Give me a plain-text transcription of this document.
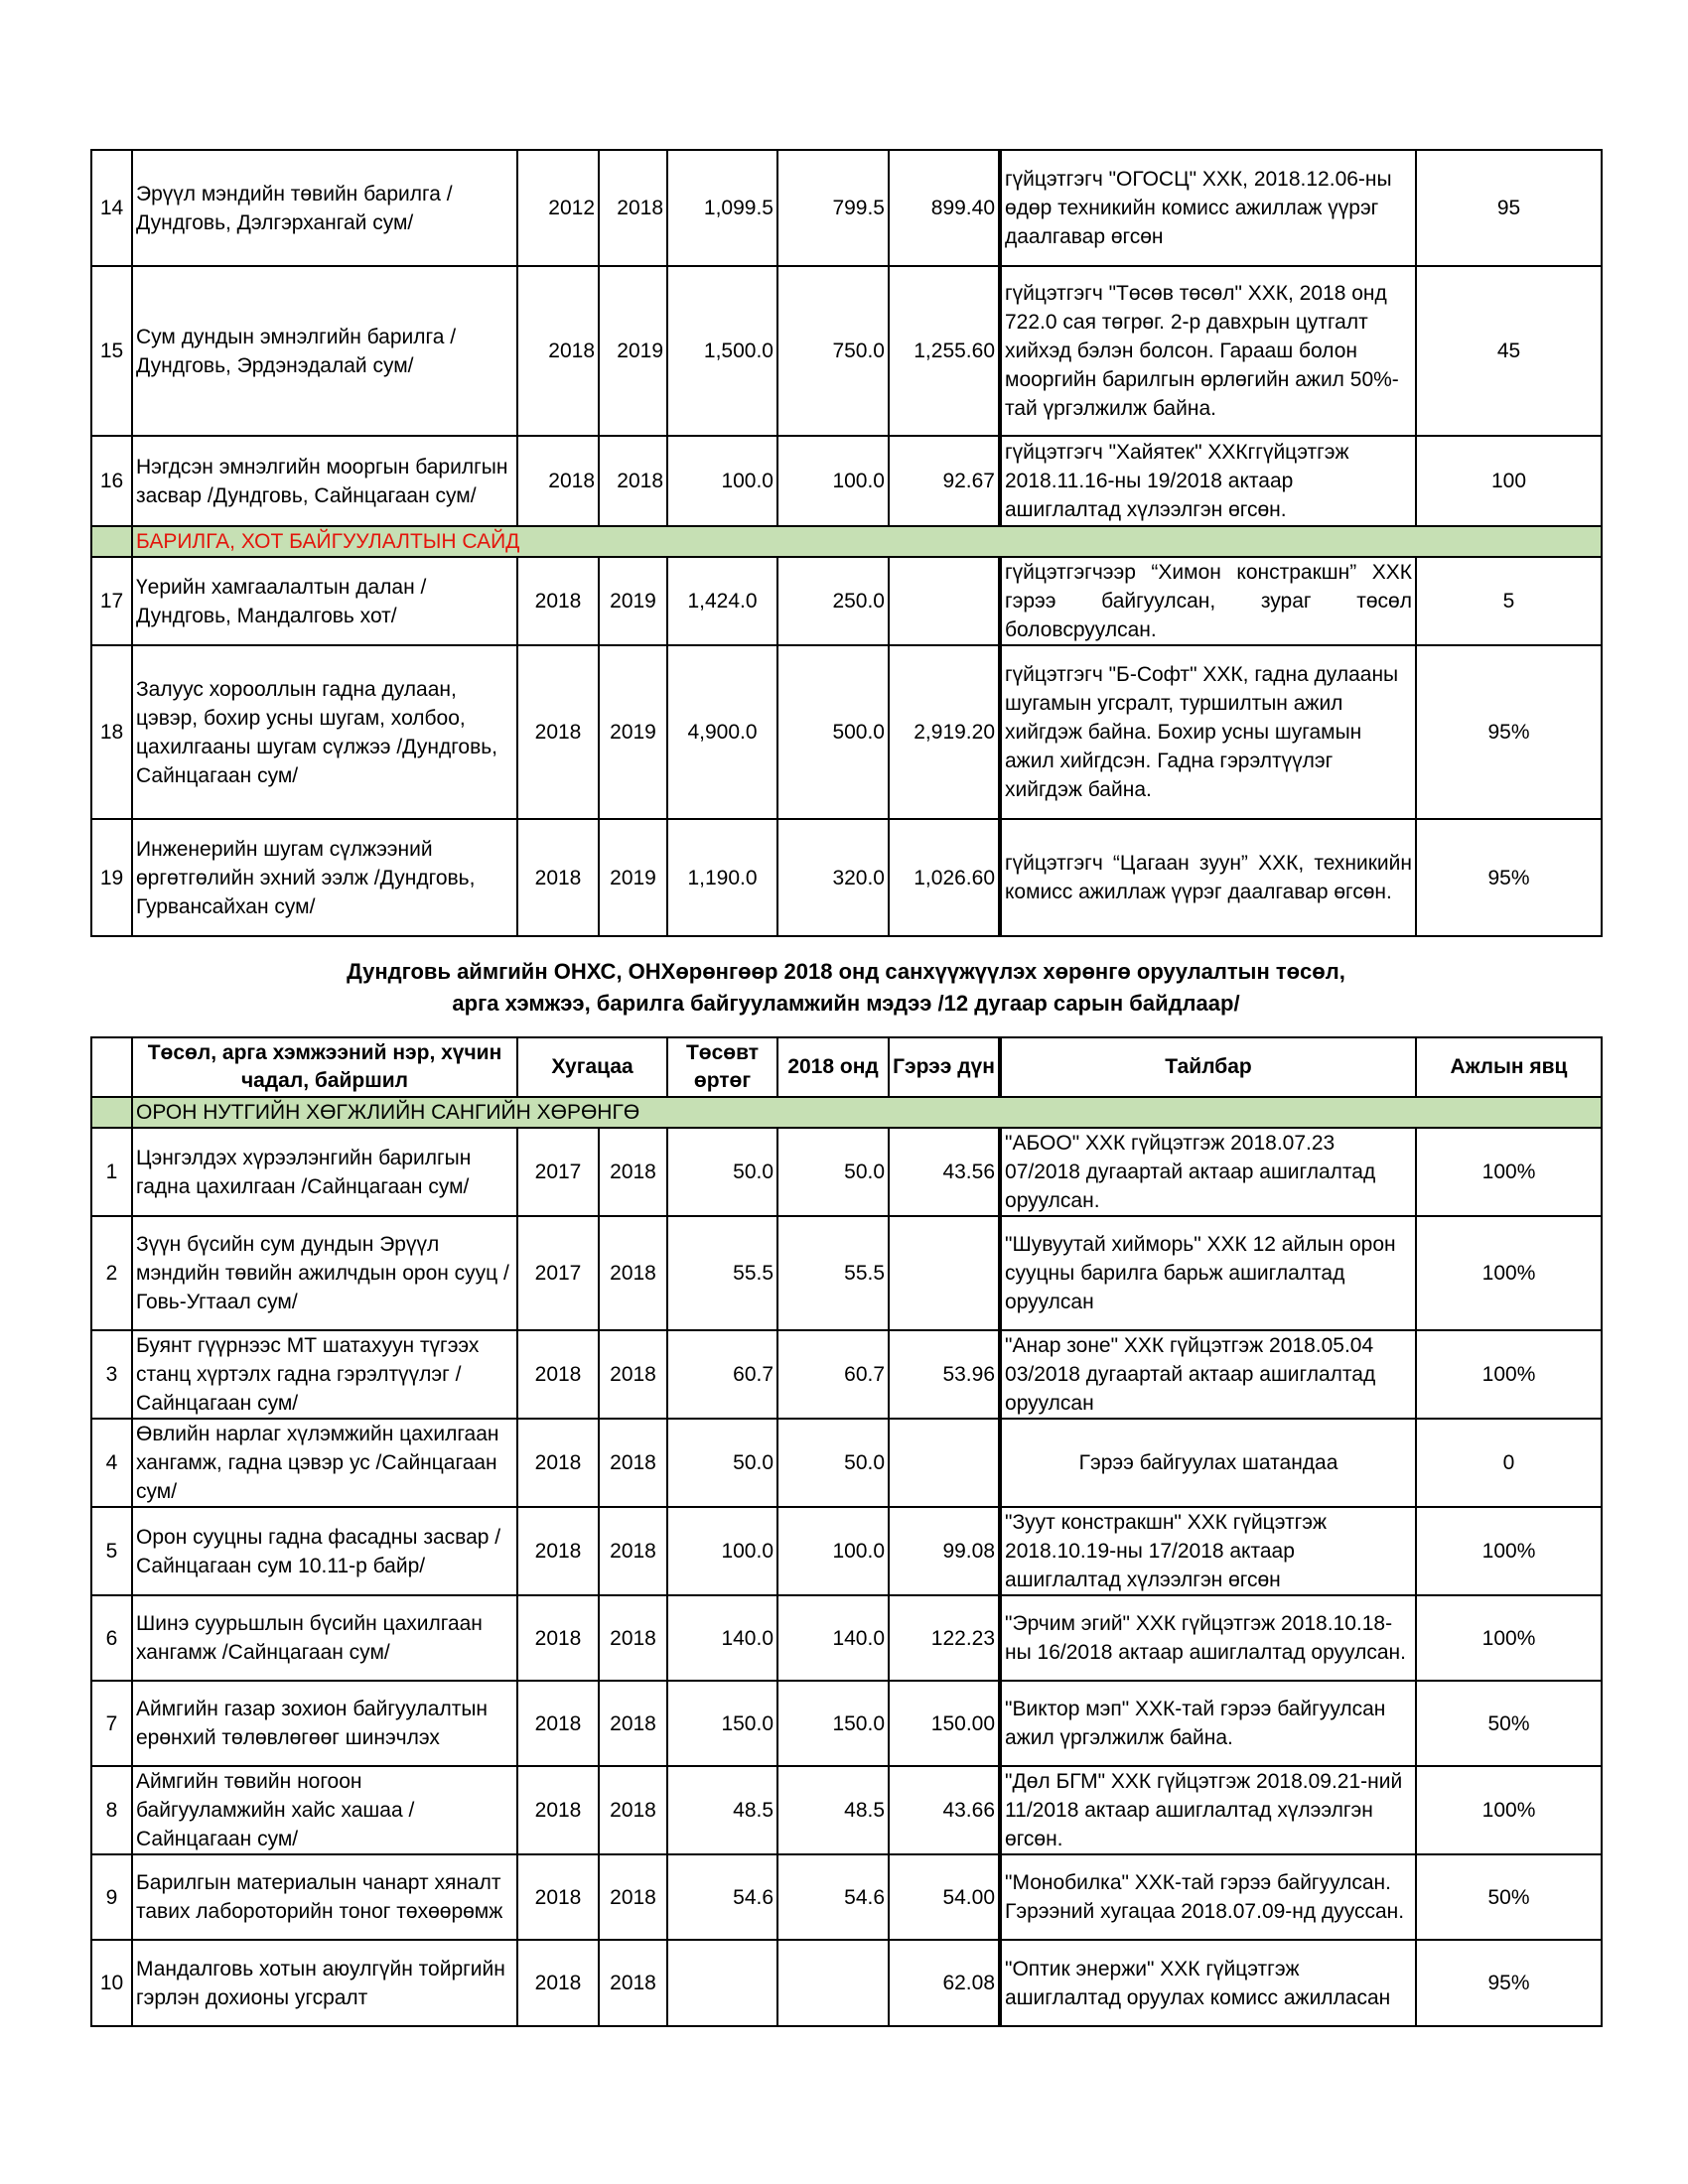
14	Эрүүл мэндийн төвийн барилга /Дундговь, Дэлгэрхангай сум/	2012	2018	1,099.5	799.5	899.40		гүйцэтгэгч "ОГОСЦ" ХХК, 2018.12.06-ны өдөр техникийн комисс ажиллаж үүрэг даалгавар өгсөн	95
15	Сум дундын эмнэлгийн барилга /Дундговь, Эрдэнэдалай сум/	2018	2019	1,500.0	750.0	1,255.60		гүйцэтгэгч "Төсөв төсөл" ХХК, 2018 онд 722.0 сая төгрөг. 2-р давхрын цутгалт хийхэд бэлэн болсон. Гарааш болон мооргийн барилгын өрлөгийн ажил 50%-тай үргэлжилж байна.	45
16	Нэгдсэн эмнэлгийн мооргын барилгын засвар /Дундговь, Сайнцагаан сум/	2018	2018	100.0	100.0	92.67		гүйцэтгэгч "Хайятек" ХХКггүйцэтгэж 2018.11.16-ны 19/2018 актаар ашиглалтад хүлээлгэн өгсөн.	100
	БАРИЛГА, ХОТ БАЙГУУЛАЛТЫН САЙД								
17	Үерийн хамгаалалтын далан /Дундговь, Мандалговь хот/	2018	2019	1,424.0	250.0			гүйцэтгэгчээр “Химон констракшн” ХХК гэрээ байгуулсан, зураг төсөл боловсруулсан.	5
18	Залуус хорооллын гадна дулаан, цэвэр, бохир усны шугам, холбоо, цахилгааны шугам сүлжээ /Дундговь, Сайнцагаан сум/	2018	2019	4,900.0	500.0	2,919.20		гүйцэтгэгч "Б-Софт" ХХК, гадна дулааны шугамын угсралт, туршилтын ажил хийгдэж байна. Бохир усны шугамын ажил хийгдсэн. Гадна гэрэлтүүлэг хийгдэж байна.	95%
19	Инженерийн шугам сүлжээний өргөтгөлийн эхний ээлж /Дундговь, Гурвансайхан сум/	2018	2019	1,190.0	320.0	1,026.60		гүйцэтгэгч “Цагаан зуун” ХХК, техникийн комисс ажиллаж үүрэг даалгавар өгсөн.	95%
Дундговь аймгийн ОНХС, ОНХөрөнгөөр 2018 онд санхүүжүүлэх хөрөнгө оруулалтын төсөл,
арга хэмжээ, барилга байгууламжийн мэдээ /12 дугаар сарын байдлаар/
	Төсөл, арга хэмжээний нэр, хүчин чадал, байршил	Хугацаа		Төсөвт өртөг	2018 онд	Гэрээ дүн		Тайлбар	Ажлын явц
	ОРОН НУТГИЙН ХӨГЖЛИЙН САНГИЙН ХӨРӨНГӨ								
1	Цэнгэлдэх хүрээлэнгийн барилгын гадна цахилгаан /Сайнцагаан сум/	2017	2018	50.0	50.0	43.56		"АБОО" ХХК гүйцэтгэж 2018.07.23 07/2018 дугаартай актаар ашиглалтад оруулсан.	100%
2	Зүүн бүсийн сум дундын Эрүүл мэндийн төвийн ажилчдын орон сууц /Говь-Угтаал сум/	2017	2018	55.5	55.5			"Шувуутай хийморь" ХХК 12 айлын орон сууцны барилга барьж ашиглалтад оруулсан	100%
3	Буянт гүүрнээс МТ шатахуун түгээх станц хүртэлх гадна гэрэлтүүлэг /Сайнцагаан сум/	2018	2018	60.7	60.7	53.96		"Анар зоне" ХХК гүйцэтгэж 2018.05.04 03/2018 дугаартай актаар ашиглалтад оруулсан	100%
4	Өвлийн нарлаг хүлэмжийн цахилгаан хангамж, гадна цэвэр ус /Сайнцагаан сум/	2018	2018	50.0	50.0			Гэрээ байгуулах шатандаа	0
5	Орон сууцны гадна фасадны засвар /Сайнцагаан сум 10.11-р байр/	2018	2018	100.0	100.0	99.08		"Зуут констракшн" ХХК гүйцэтгэж 2018.10.19-ны 17/2018 актаар ашиглалтад хүлээлгэн өгсөн	100%
6	Шинэ суурьшлын бүсийн цахилгаан хангамж /Сайнцагаан сум/	2018	2018	140.0	140.0	122.23		"Эрчим эгий" ХХК гүйцэтгэж 2018.10.18-ны 16/2018 актаар ашиглалтад оруулсан.	100%
7	Аймгийн газар зохион байгуулалтын ерөнхий төлөвлөгөөг шинэчлэх	2018	2018	150.0	150.0	150.00		"Виктор мэп" ХХК-тай гэрээ байгуулсан ажил үргэлжилж байна.	50%
8	Аймгийн төвийн ногоон байгууламжийн хайс хашаа /Сайнцагаан сум/	2018	2018	48.5	48.5	43.66		"Дөл БГМ" ХХК гүйцэтгэж 2018.09.21-ний 11/2018 актаар ашиглалтад хүлээлгэн өгсөн.	100%
9	Барилгын материалын чанарт хяналт тавих лабороторийн тоног төхөөрөмж	2018	2018	54.6	54.6	54.00		"Монобилка" ХХК-тай гэрээ байгуулсан. Гэрээний хугацаа 2018.07.09-нд дууссан.	50%
10	Мандалговь хотын аюулгүйн тойргийн гэрлэн дохионы угсралт	2018	2018			62.08		"Оптик энержи" ХХК гүйцэтгэж ашиглалтад оруулах комисс ажилласан	95%
